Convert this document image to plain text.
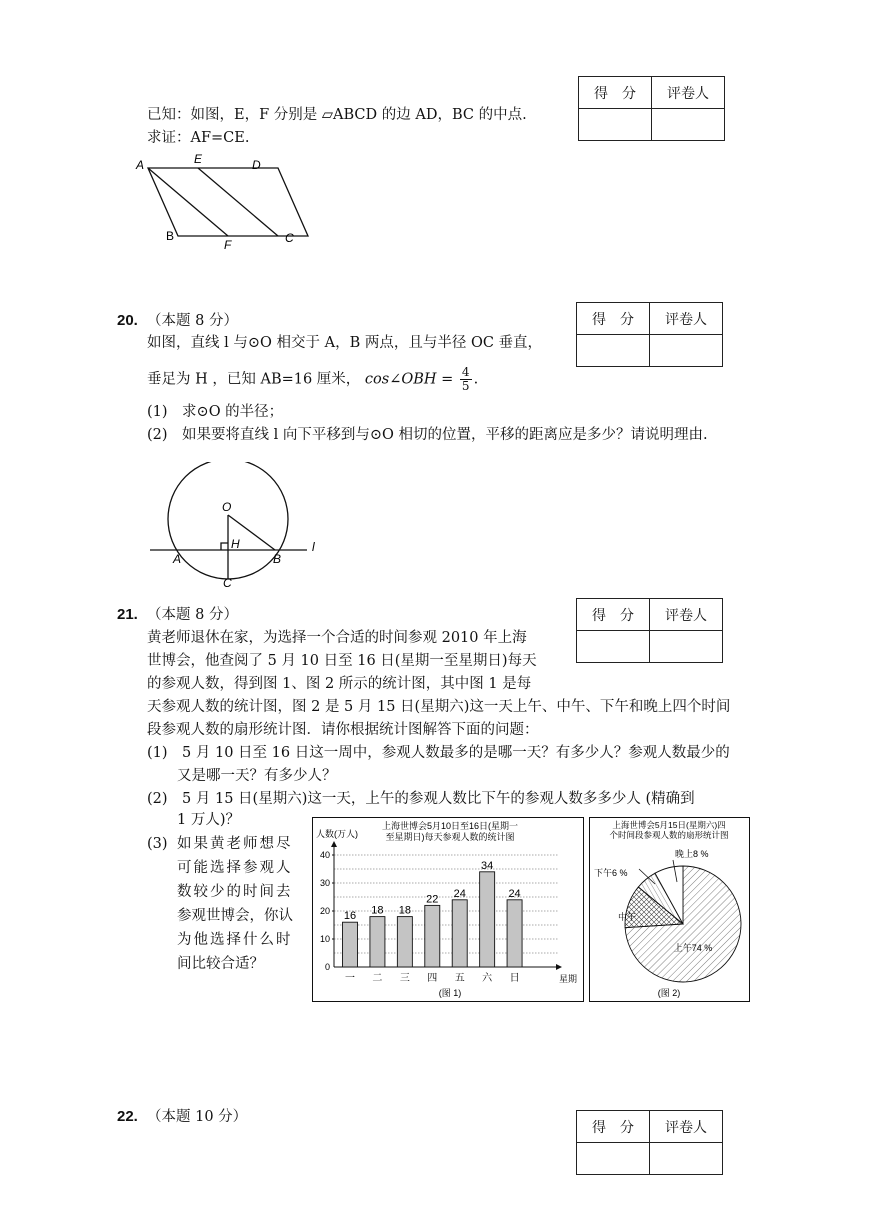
得　分	评卷人

得　分	评卷人

得　分	评卷人

得　分	评卷人

已知：如图，E，F 分别是 ▱ABCD 的边 AD，BC 的中点.
求证：AF=CE.
A	E	D
B
F	C
20. （本题 8 分）
如图，直线 l 与⊙O 相交于 A，B 两点，且与半径 OC 垂直，
垂足为 H ，已知 AB=16 厘米， cos∠OBH = $\frac{4}{5}$ .
(1)　求⊙O 的半径；
(2)　如果要将直线 l 向下平移到与⊙O 相切的位置，平移的距离应是多少？请说明理由.
O
H
A	B
C
l
21. （本题 8 分）
黄老师退休在家，为选择一个合适的时间参观 2010 年上海
世博会，他查阅了 5 月 10 日至 16 日(星期一至星期日)每天
的参观人数，得到图 1、图 2 所示的统计图，其中图 1 是每
天参观人数的统计图，图 2 是 5 月 15 日(星期六)这一天上午、中午、下午和晚上四个时间
段参观人数的扇形统计图．请你根据统计图解答下面的问题：
(1)　5 月 10 日至 16 日这一周中，参观人数最多的是哪一天？有多少人？参观人数最少的
又是哪一天？有多少人？
(2)　5 月 15 日(星期六)这一天，上午的参观人数比下午的参观人数多多少人 (精确到
1 万人)？
(3) 如果黄老师想尽
可能选择参观人
数较少的时间去
参观世博会，你认
为他选择什么时
间比较合适？
上海世博会5月10日至16日(星期一
至星期日)每天参观人数的统计图
人数(万人)
星期
(图 1)
0
10
20
30
40
16
一
18
二
18
三
22
四
24
五
34
六
24
日
上海世博会5月15日(星期六)四
个时间段参观人数的扇形统计图
(图 2)
上午74 %
中午
下午6 %
晚上8 %
22. （本题 10 分）
